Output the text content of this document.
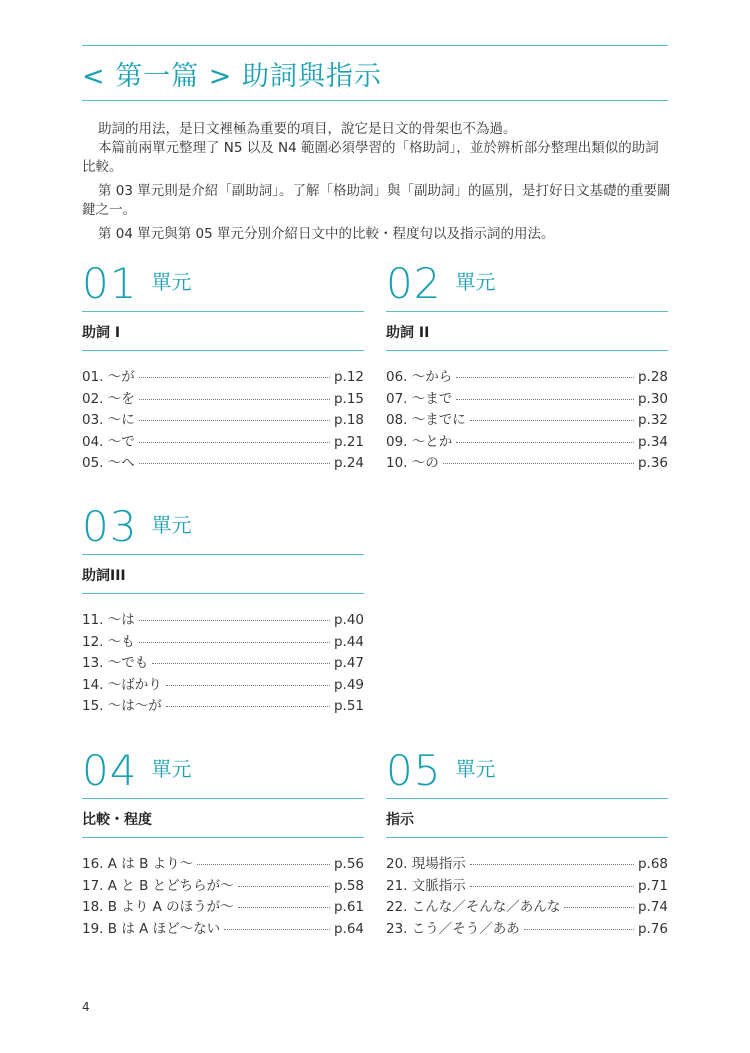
< 第一篇 > 助詞與指示

助詞的用法，是日文裡極為重要的項目，說它是日文的骨架也不為過。

本篇前兩單元整理了 N5 以及 N4 範圍必須學習的「格助詞」，並於辨析部分整理出類似的助詞比較。

第 03 單元則是介紹「副助詞」。了解「格助詞」與「副助詞」的區別，是打好日文基礎的重要關鍵之一。

第 04 單元與第 05 單元分別介紹日文中的比較・程度句以及指示詞的用法。

01 單元
助詞 I
01. ～が	p.12
02. ～を	p.15
03. ～に	p.18
04. ～で	p.21
05. ～へ	p.24
02 單元
助詞 II
06. ～から	p.28
07. ～まで	p.30
08. ～までに	p.32
09. ～とか	p.34
10. ～の	p.36
03 單元
助詞III
11. ～は	p.40
12. ～も	p.44
13. ～でも	p.47
14. ～ばかり	p.49
15. ～は～が	p.51
04 單元
比較・程度
16. A は B より～	p.56
17. A と B とどちらが～	p.58
18. B より A のほうが～	p.61
19. B は A ほど～ない	p.64
05 單元
指示
20. 現場指示	p.68
21. 文脈指示	p.71
22. こんな／そんな／あんな	p.74
23. こう／そう／ああ	p.76
4
